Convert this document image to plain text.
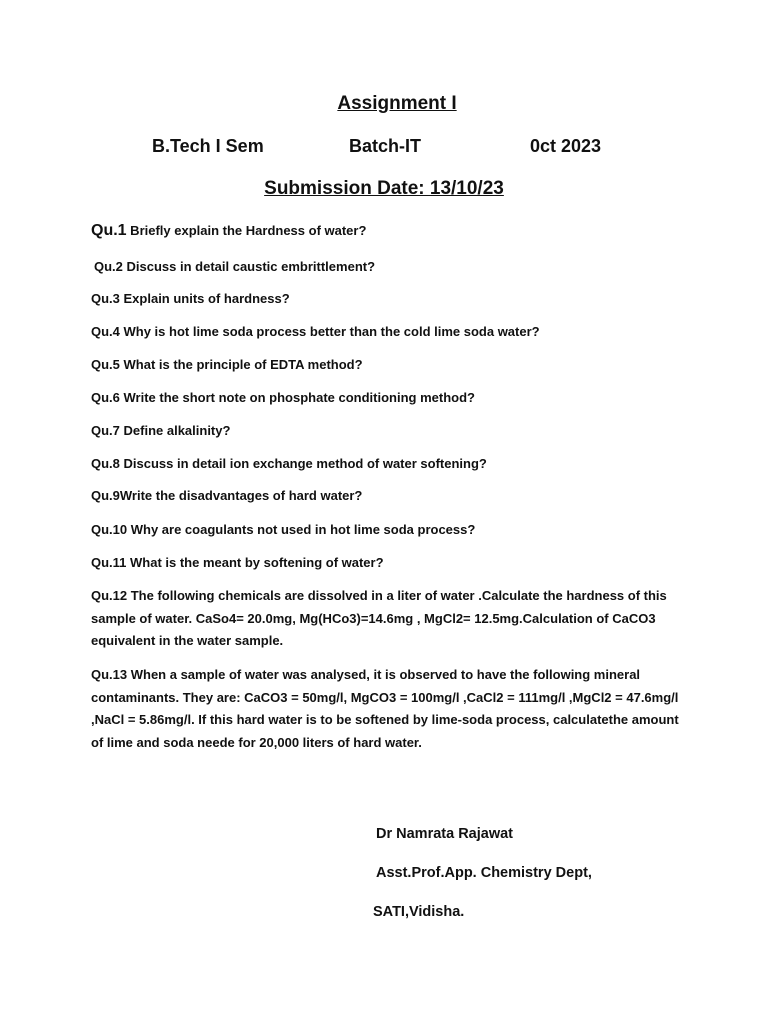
Assignment I

B.Tech I Sem	Batch-IT	0ct 2023

Submission Date: 13/10/23

Qu.1 Briefly explain the Hardness of water?

Qu.2 Discuss in detail caustic embrittlement?

Qu.3 Explain units of hardness?

Qu.4 Why is hot lime soda process better than the cold lime soda water?

Qu.5 What is the principle of EDTA method?

Qu.6 Write the short note on phosphate conditioning method?

Qu.7 Define alkalinity?

Qu.8 Discuss in detail ion exchange method of water softening?

Qu.9Write the disadvantages of hard water?

Qu.10 Why are coagulants not used in hot lime soda process?

Qu.11 What is the meant by softening of water?

Qu.12 The following chemicals are dissolved in a liter of water .Calculate the hardness of this sample of water. CaSo4= 20.0mg, Mg(HCo3)=14.6mg , MgCl2= 12.5mg.Calculation of CaCO3 equivalent in the water sample.

Qu.13 When a sample of water was analysed, it is observed to have the following mineral contaminants. They are: CaCO3 = 50mg/l, MgCO3 = 100mg/l ,CaCl2 = 111mg/l ,MgCl2 = 47.6mg/l ,NaCl = 5.86mg/l. If this hard water is to be softened by lime-soda process, calculatethe amount of lime and soda neede for 20,000 liters of hard water.

Dr Namrata Rajawat

Asst.Prof.App. Chemistry Dept,

SATI,Vidisha.
